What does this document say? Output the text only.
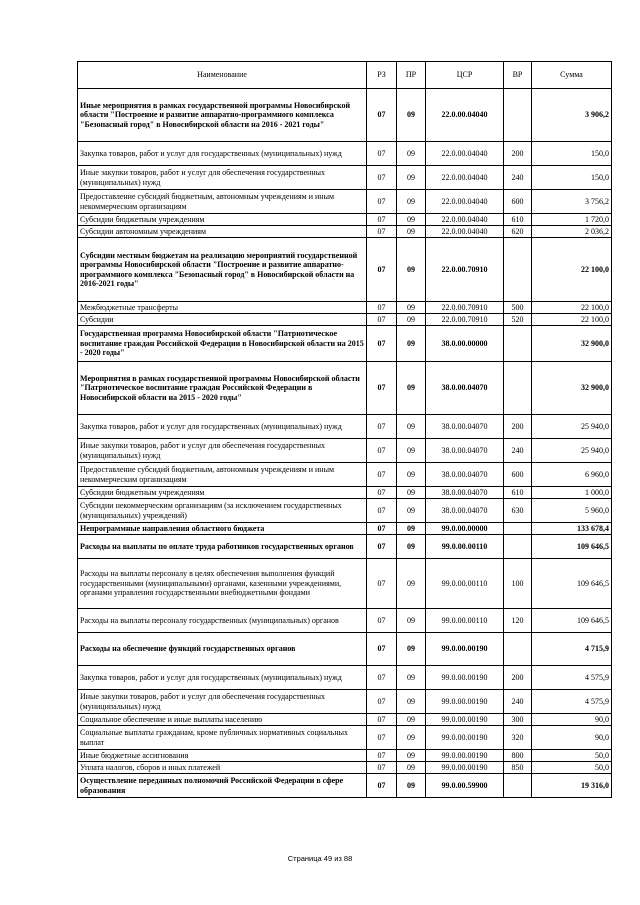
Наименование	РЗ	ПР	ЦСР	ВР	Сумма
Иные мероприятия в рамках государственной программы Новосибирской области "Построение и развитие аппаратно-программного комплекса "Безопасный город" в Новосибирской области на 2016 - 2021 годы"	07	09	22.0.00.04040		3 906,2
Закупка товаров, работ и услуг для государственных (муниципальных) нужд	07	09	22.0.00.04040	200	150,0
Иные закупки товаров, работ и услуг для обеспечения государственных (муниципальных) нужд	07	09	22.0.00.04040	240	150,0
Предоставление субсидий бюджетным, автономным учреждениям и иным некоммерческим организациям	07	09	22.0.00.04040	600	3 756,2
Субсидии бюджетным учреждениям	07	09	22.0.00.04040	610	1 720,0
Субсидии автономным учреждениям	07	09	22.0.00.04040	620	2 036,2
Субсидии местным бюджетам на реализацию мероприятий государственной программы Новосибирской области "Построение и развитие аппаратно-программного комплекса "Безопасный город" в Новосибирской области на 2016-2021 годы"	07	09	22.0.00.70910		22 100,0
Межбюджетные трансферты	07	09	22.0.00.70910	500	22 100,0
Субсидии	07	09	22.0.00.70910	520	22 100,0
Государственная программа Новосибирской области "Патриотическое воспитание граждан Российской Федерации в Новосибирской области на 2015 - 2020 годы"	07	09	38.0.00.00000		32 900,0
Мероприятия в рамках государственной программы Новосибирской области "Патриотическое воспитание граждан Российской Федерации в Новосибирской области на 2015 - 2020 годы"	07	09	38.0.00.04070		32 900,0
Закупка товаров, работ и услуг для государственных (муниципальных) нужд	07	09	38.0.00.04070	200	25 940,0
Иные закупки товаров, работ и услуг для обеспечения государственных (муниципальных) нужд	07	09	38.0.00.04070	240	25 940,0
Предоставление субсидий бюджетным, автономным учреждениям и иным некоммерческим организациям	07	09	38.0.00.04070	600	6 960,0
Субсидии бюджетным учреждениям	07	09	38.0.00.04070	610	1 000,0
Субсидии некоммерческим организациям (за исключением государственных (муниципальных) учреждений)	07	09	38.0.00.04070	630	5 960,0
Непрограммные направления областного бюджета	07	09	99.0.00.00000		133 678,4
Расходы на выплаты по оплате труда работников государственных органов	07	09	99.0.00.00110		109 646,5
Расходы на выплаты персоналу в целях обеспечения выполнения функций государственными (муниципальными) органами, казенными учреждениями, органами управления государственными внебюджетными фондами	07	09	99.0.00.00110	100	109 646,5
Расходы на выплаты персоналу государственных (муниципальных) органов	07	09	99.0.00.00110	120	109 646,5
Расходы на обеспечение функций государственных органов	07	09	99.0.00.00190		4 715,9
Закупка товаров, работ и услуг для государственных (муниципальных) нужд	07	09	99.0.00.00190	200	4 575,9
Иные закупки товаров, работ и услуг для обеспечения государственных (муниципальных) нужд	07	09	99.0.00.00190	240	4 575,9
Социальное обеспечение и иные выплаты населению	07	09	99.0.00.00190	300	90,0
Социальные выплаты гражданам, кроме публичных нормативных социальных выплат	07	09	99.0.00.00190	320	90,0
Иные бюджетные ассигнования	07	09	99.0.00.00190	800	50,0
Уплата налогов, сборов и иных платежей	07	09	99.0.00.00190	850	50,0
Осуществление переданных полномочий Российской Федерации в сфере образования	07	09	99.0.00.59900		19 316,0
Страница 49 из 88
